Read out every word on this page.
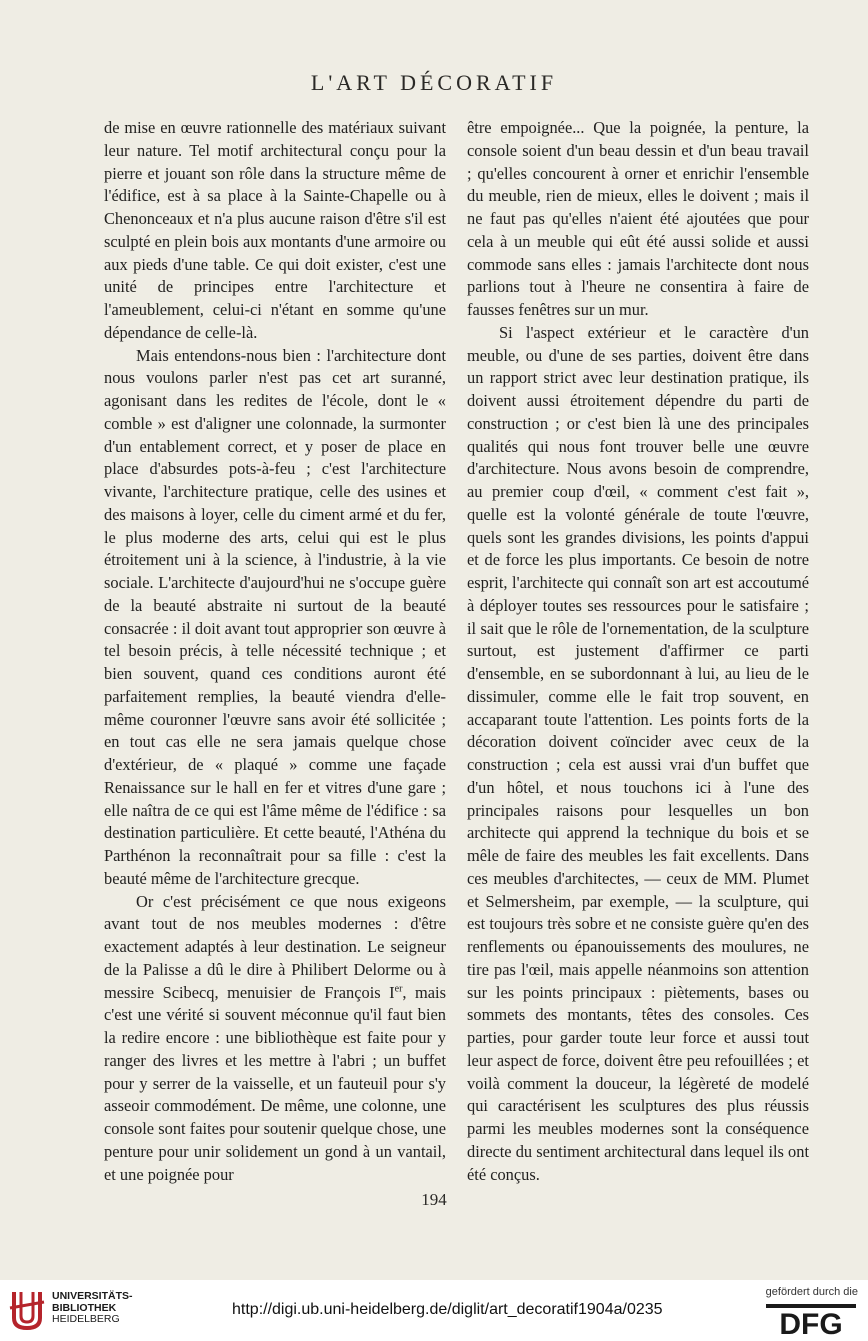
L'ART DÉCORATIF

de mise en œuvre rationnelle des matériaux suivant leur nature. Tel motif architectural conçu pour la pierre et jouant son rôle dans la structure même de l'édifice, est à sa place à la Sainte-Chapelle ou à Chenonceaux et n'a plus aucune raison d'être s'il est sculpté en plein bois aux montants d'une armoire ou aux pieds d'une table. Ce qui doit exister, c'est une unité de principes entre l'architecture et l'ameublement, celui-ci n'étant en somme qu'une dépendance de celle-là.

Mais entendons-nous bien : l'architecture dont nous voulons parler n'est pas cet art suranné, agonisant dans les redites de l'école, dont le « comble » est d'aligner une colonnade, la surmonter d'un entablement correct, et y poser de place en place d'absurdes pots-à-feu ; c'est l'architecture vivante, l'architecture pratique, celle des usines et des maisons à loyer, celle du ciment armé et du fer, le plus moderne des arts, celui qui est le plus étroitement uni à la science, à l'industrie, à la vie sociale. L'architecte d'aujourd'hui ne s'occupe guère de la beauté abstraite ni surtout de la beauté consacrée : il doit avant tout approprier son œuvre à tel besoin précis, à telle nécessité technique ; et bien souvent, quand ces conditions auront été parfaitement remplies, la beauté viendra d'elle-même couronner l'œuvre sans avoir été sollicitée ; en tout cas elle ne sera jamais quelque chose d'extérieur, de « plaqué » comme une façade Renaissance sur le hall en fer et vitres d'une gare ; elle naîtra de ce qui est l'âme même de l'édifice : sa destination particulière. Et cette beauté, l'Athéna du Parthénon la reconnaîtrait pour sa fille : c'est la beauté même de l'architecture grecque.

Or c'est précisément ce que nous exigeons avant tout de nos meubles modernes : d'être exactement adaptés à leur destination. Le seigneur de la Palisse a dû le dire à Philibert Delorme ou à messire Scibecq, menuisier de François Ier, mais c'est une vérité si souvent méconnue qu'il faut bien la redire encore : une bibliothèque est faite pour y ranger des livres et les mettre à l'abri ; un buffet pour y serrer de la vaisselle, et un fauteuil pour s'y asseoir commodément. De même, une colonne, une console sont faites pour soutenir quelque chose, une penture pour unir solidement un gond à un vantail, et une poignée pour

être empoignée... Que la poignée, la penture, la console soient d'un beau dessin et d'un beau travail ; qu'elles concourent à orner et enrichir l'ensemble du meuble, rien de mieux, elles le doivent ; mais il ne faut pas qu'elles n'aient été ajoutées que pour cela à un meuble qui eût été aussi solide et aussi commode sans elles : jamais l'architecte dont nous parlions tout à l'heure ne consentira à faire de fausses fenêtres sur un mur.

Si l'aspect extérieur et le caractère d'un meuble, ou d'une de ses parties, doivent être dans un rapport strict avec leur destination pratique, ils doivent aussi étroitement dépendre du parti de construction ; or c'est bien là une des principales qualités qui nous font trouver belle une œuvre d'architecture. Nous avons besoin de comprendre, au premier coup d'œil, « comment c'est fait », quelle est la volonté générale de toute l'œuvre, quels sont les grandes divisions, les points d'appui et de force les plus importants. Ce besoin de notre esprit, l'architecte qui connaît son art est accoutumé à déployer toutes ses ressources pour le satisfaire ; il sait que le rôle de l'ornementation, de la sculpture surtout, est justement d'affirmer ce parti d'ensemble, en se subordonnant à lui, au lieu de le dissimuler, comme elle le fait trop souvent, en accaparant toute l'attention. Les points forts de la décoration doivent coïncider avec ceux de la construction ; cela est aussi vrai d'un buffet que d'un hôtel, et nous touchons ici à l'une des principales raisons pour lesquelles un bon architecte qui apprend la technique du bois et se mêle de faire des meubles les fait excellents. Dans ces meubles d'architectes, — ceux de MM. Plumet et Selmersheim, par exemple, — la sculpture, qui est toujours très sobre et ne consiste guère qu'en des renflements ou épanouissements des moulures, ne tire pas l'œil, mais appelle néanmoins son attention sur les points principaux : piètements, bases ou sommets des montants, têtes des consoles. Ces parties, pour garder toute leur force et aussi tout leur aspect de force, doivent être peu refouillées ; et voilà comment la douceur, la légèreté de modelé qui caractérisent les sculptures des plus réussis parmi les meubles modernes sont la conséquence directe du sentiment architectural dans lequel ils ont été conçus.

194
UNIVERSITÄTS-
BIBLIOTHEK
HEIDELBERG
http://digi.ub.uni-heidelberg.de/diglit/art_decoratif1904a/0235
gefördert durch die
DFG
